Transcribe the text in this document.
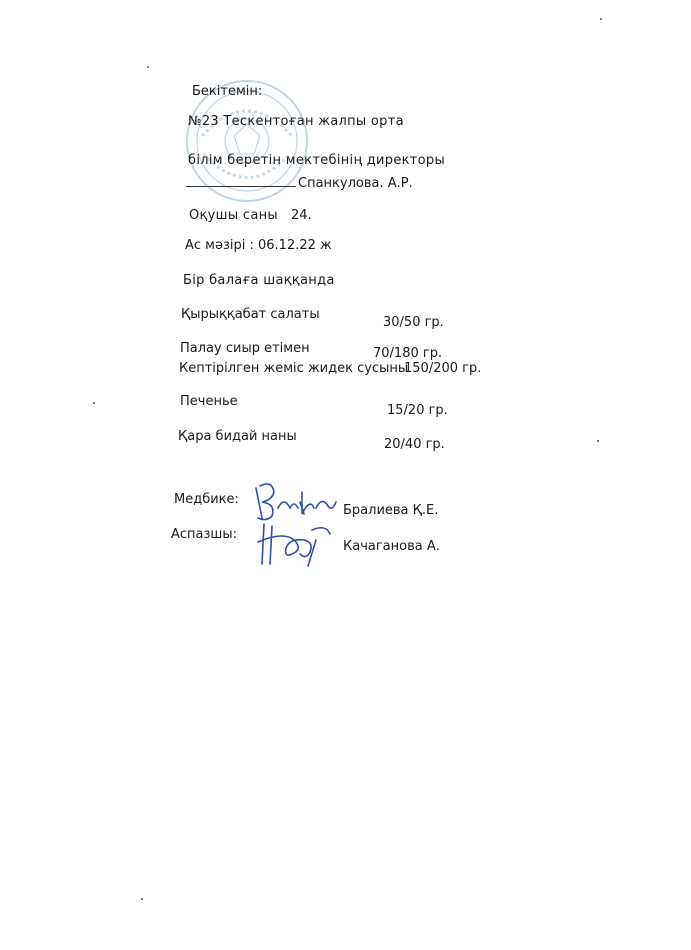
Бекітемін:
№23 Тескентоған жалпы орта
білім беретін мектебінің директоры
Спанкулова. А.Р.
Оқушы саны 24.
Ас мәзірі : 06.12.22 ж
Бір балаға шаққанда
Қырыққабат салаты
30/50 гр.
Палау сиыр етімен	70/180 гр.
Кептірілген жеміс жидек сусыны
150/200 гр.
Печенье
15/20 гр.
Қара бидай наны
20/40 гр.
Медбике:
Бралиева Қ.Е.
Аспазшы:
Качаганова А.
